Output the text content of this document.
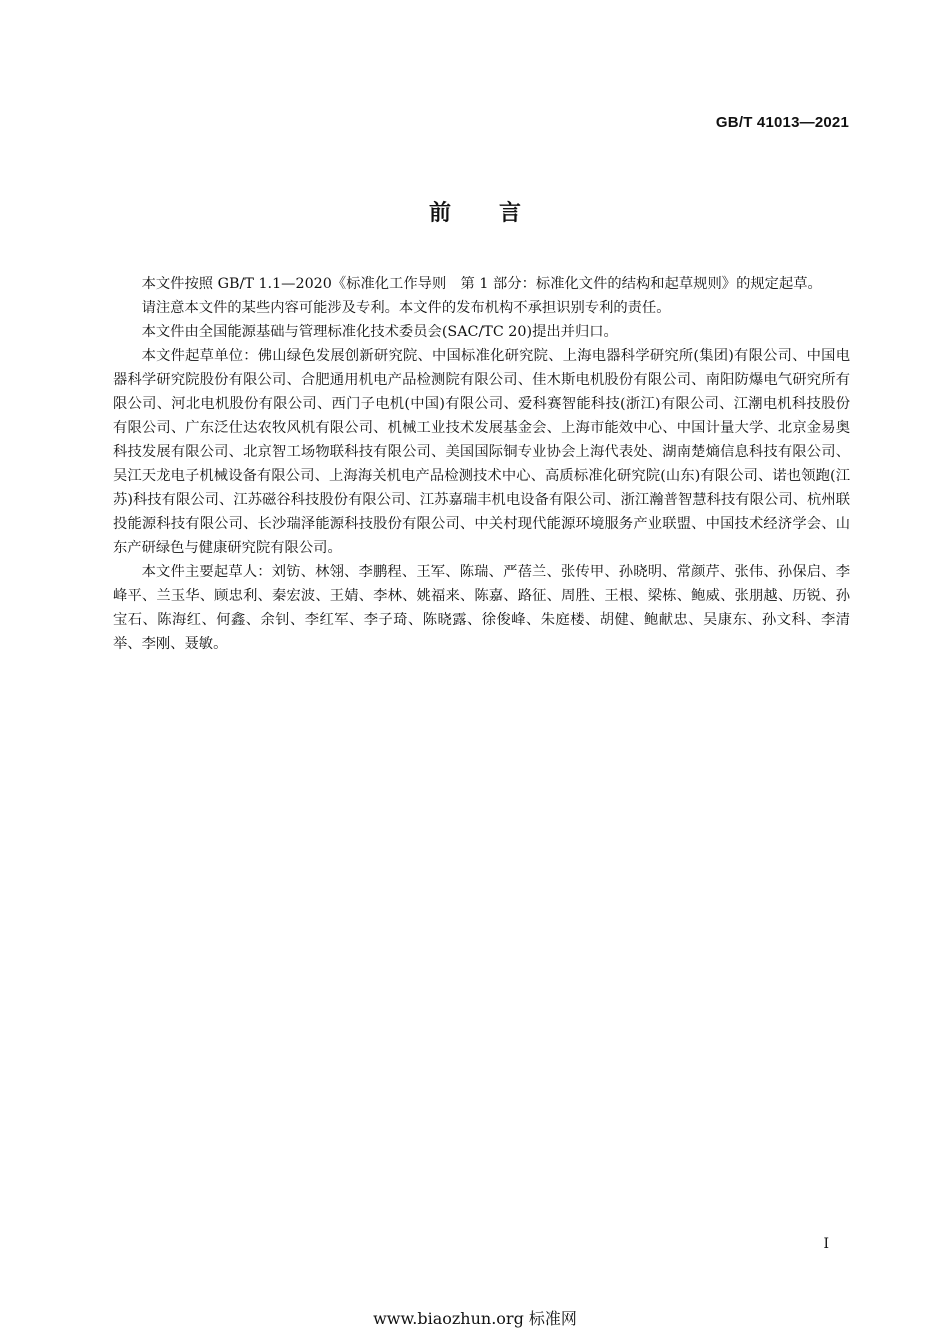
GB/T 41013—2021
前言

本文件按照 GB/T 1.1—2020《标准化工作导则　第 1 部分：标准化文件的结构和起草规则》的规定起草。

请注意本文件的某些内容可能涉及专利。本文件的发布机构不承担识别专利的责任。

本文件由全国能源基础与管理标准化技术委员会(SAC/TC 20)提出并归口。

本文件起草单位：佛山绿色发展创新研究院、中国标准化研究院、上海电器科学研究所(集团)有限公司、中国电器科学研究院股份有限公司、合肥通用机电产品检测院有限公司、佳木斯电机股份有限公司、南阳防爆电气研究所有限公司、河北电机股份有限公司、西门子电机(中国)有限公司、爱科赛智能科技(浙江)有限公司、江潮电机科技股份有限公司、广东泛仕达农牧风机有限公司、机械工业技术发展基金会、上海市能效中心、中国计量大学、北京金易奥科技发展有限公司、北京智工场物联科技有限公司、美国国际铜专业协会上海代表处、湖南楚熵信息科技有限公司、吴江天龙电子机械设备有限公司、上海海关机电产品检测技术中心、高质标准化研究院(山东)有限公司、诺也领跑(江苏)科技有限公司、江苏磁谷科技股份有限公司、江苏嘉瑞丰机电设备有限公司、浙江瀚普智慧科技有限公司、杭州联投能源科技有限公司、长沙瑞泽能源科技股份有限公司、中关村现代能源环境服务产业联盟、中国技术经济学会、山东产研绿色与健康研究院有限公司。

本文件主要起草人：刘钫、林翎、李鹏程、王军、陈瑞、严蓓兰、张传甲、孙晓明、常颜芹、张伟、孙保启、李峰平、兰玉华、顾忠利、秦宏波、王婧、李林、姚福来、陈嘉、路征、周胜、王根、梁栋、鲍威、张朋越、历锐、孙宝石、陈海红、何鑫、余钊、李红军、李子琦、陈晓露、徐俊峰、朱庭楼、胡健、鲍献忠、吴康东、孙文科、李清举、李刚、聂敏。

I
www.biaozhun.org 标准网
